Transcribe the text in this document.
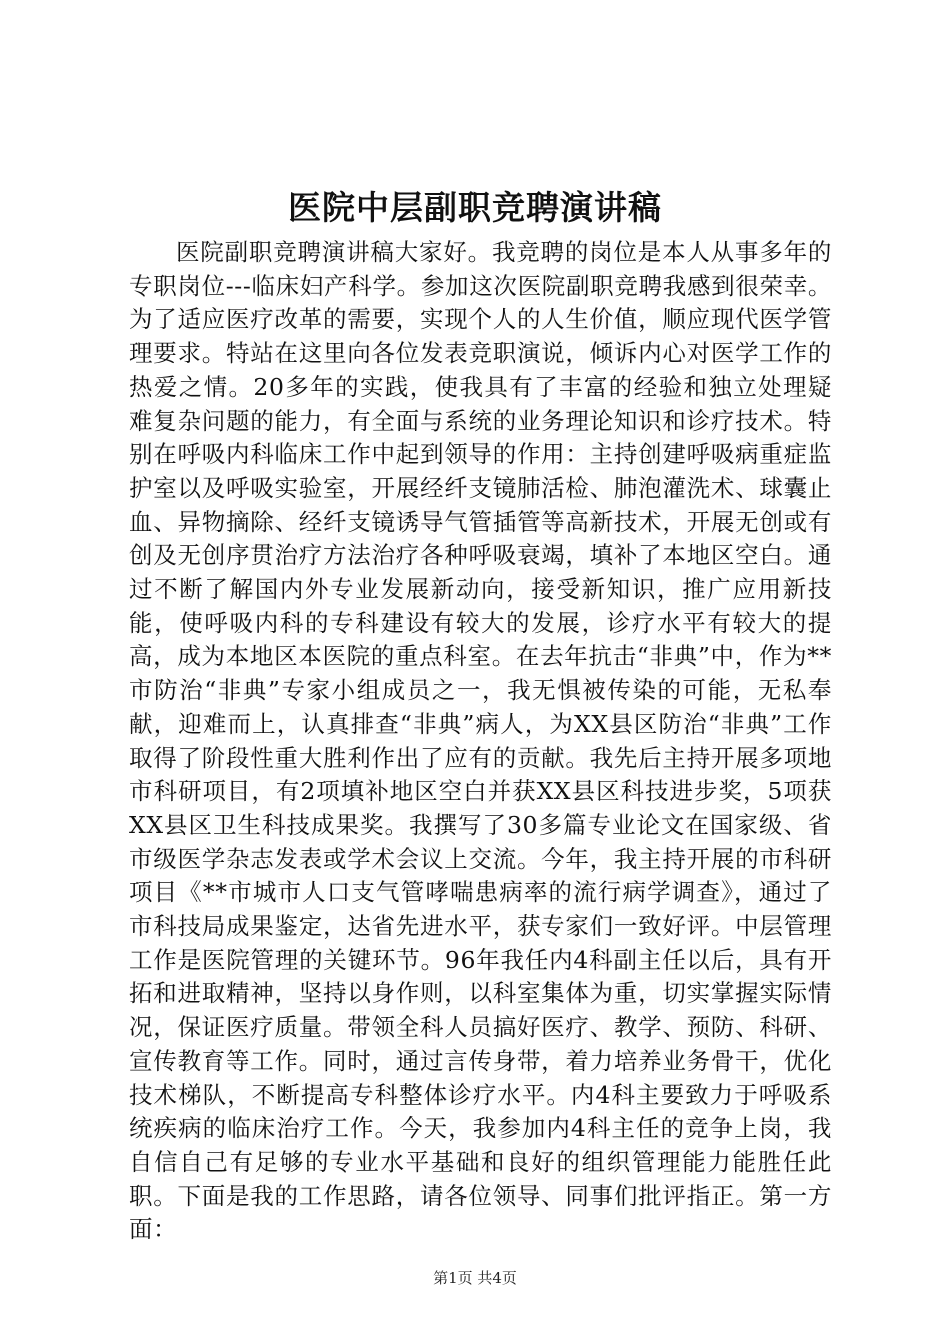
医院中层副职竞聘演讲稿

医院副职竞聘演讲稿大家好。我竞聘的岗位是本人从事多年的专职岗位---临床妇产科学。参加这次医院副职竞聘我感到很荣幸。为了适应医疗改革的需要，实现个人的人生价值，顺应现代医学管理要求。特站在这里向各位发表竞职演说，倾诉内心对医学工作的热爱之情。20多年的实践，使我具有了丰富的经验和独立处理疑难复杂问题的能力，有全面与系统的业务理论知识和诊疗技术。特别在呼吸内科临床工作中起到领导的作用：主持创建呼吸病重症监护室以及呼吸实验室，开展经纤支镜肺活检、肺泡灌洗术、球囊止血、异物摘除、经纤支镜诱导气管插管等高新技术，开展无创或有创及无创序贯治疗方法治疗各种呼吸衰竭，填补了本地区空白。通过不断了解国内外专业发展新动向，接受新知识，推广应用新技能，使呼吸内科的专科建设有较大的发展，诊疗水平有较大的提高，成为本地区本医院的重点科室。在去年抗击“非典”中，作为**市防治“非典”专家小组成员之一，我无惧被传染的可能，无私奉献，迎难而上，认真排查“非典”病人，为XX县区防治“非典”工作取得了阶段性重大胜利作出了应有的贡献。我先后主持开展多项地市科研项目，有2项填补地区空白并获XX县区科技进步奖，5项获XX县区卫生科技成果奖。我撰写了30多篇专业论文在国家级、省市级医学杂志发表或学术会议上交流。今年，我主持开展的市科研项目《**市城市人口支气管哮喘患病率的流行病学调查》，通过了市科技局成果鉴定，达省先进水平，获专家们一致好评。中层管理工作是医院管理的关键环节。96年我任内4科副主任以后，具有开拓和进取精神，坚持以身作则，以科室集体为重，切实掌握实际情况，保证医疗质量。带领全科人员搞好医疗、教学、预防、科研、宣传教育等工作。同时，通过言传身带，着力培养业务骨干，优化技术梯队，不断提高专科整体诊疗水平。内4科主要致力于呼吸系统疾病的临床治疗工作。今天，我参加内4科主任的竞争上岗，我自信自己有足够的专业水平基础和良好的组织管理能力能胜任此职。下面是我的工作思路，请各位领导、同事们批评指正。第一方面：

第1页 共4页
